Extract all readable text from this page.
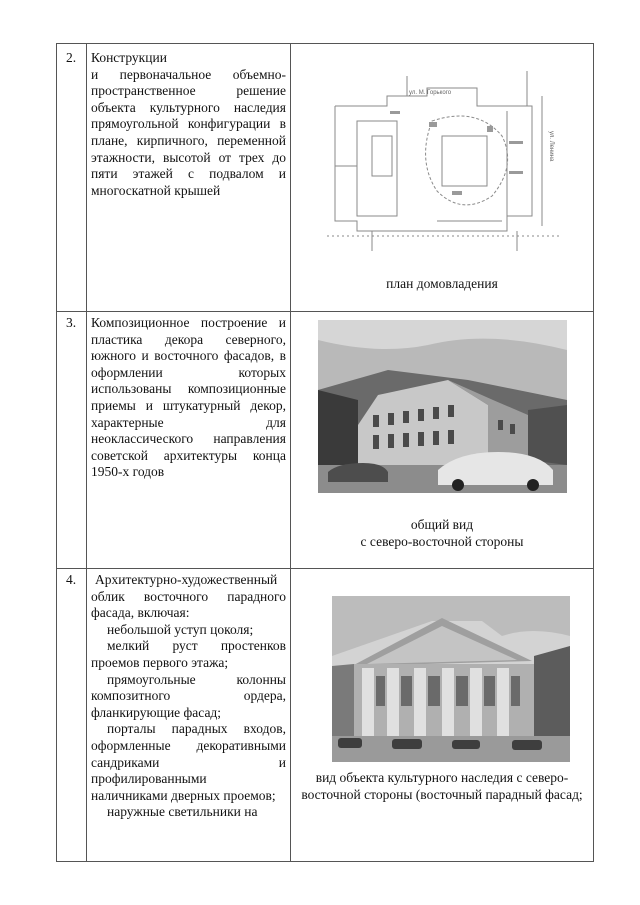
2. Конструкции

и первоначальное объемно-пространственное решение объекта культурного наследия прямоугольной конфигурации в плане, кирпичного, переменной этажности, высотой от трех до пяти этажей с подвалом и многоскатной крышей

ул. М. Горького
ул. Ленина
план домовладения
3. Композиционное построение и пластика декора северного, южного и восточного фасадов, в оформлении которых использованы композиционные приемы и штукатурный декор, характерные для неоклассического направления советской архитектуры конца 1950-х годов

общий вид
с северо-восточной стороны
4. Архитектурно-художественный облик восточного парадного фасада, включая:

небольшой уступ цоколя;

мелкий руст простенков проемов первого этажа;

прямоугольные колонны композитного ордера, фланкирующие фасад;

порталы парадных входов, оформленные декоративными сандриками и профилированными наличниками дверных проемов;

наружные светильники на

вид объекта культурного наследия с северо-восточной стороны (восточный парадный фасад;
